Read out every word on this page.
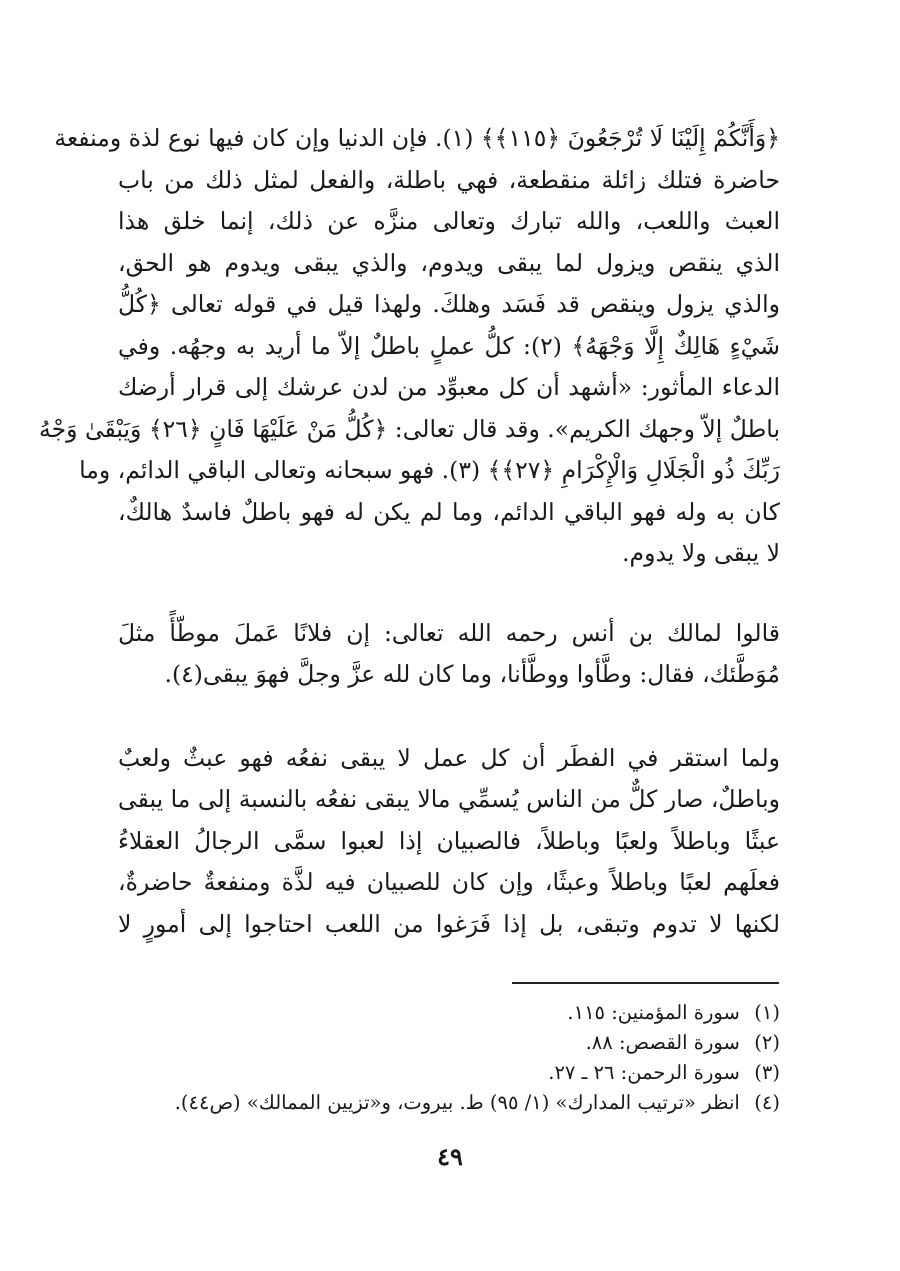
﴿وَأَنَّكُمْ إِلَيْنَا لَا تُرْجَعُونَ ﴿١١٥﴾﴾ (١). فإن الدنيا وإن كان فيها نوع لذة ومنفعة
حاضرة فتلك زائلة منقطعة، فهي باطلة، والفعل لمثل ذلك من باب
العبث واللعب، والله تبارك وتعالى منزَّه عن ذلك، إنما خلق هذا
الذي ينقص ويزول لما يبقى ويدوم، والذي يبقى ويدوم هو الحق،
والذي يزول وينقص قد فَسَد وهلكَ. ولهذا قيل في قوله تعالى ﴿كُلُّ
شَيْءٍ هَالِكٌ إِلَّا وَجْهَهُ﴾ (٢): كلُّ عملٍ باطلٌ إلاّ ما أريد به وجهُه. وفي
الدعاء المأثور: «أشهد أن كل معبوِّد من لدن عرشك إلى قرار أرضك
باطلٌ إلاّ وجهك الكريم». وقد قال تعالى: ﴿كُلُّ مَنْ عَلَيْهَا فَانٍ ﴿٢٦﴾ وَيَبْقَىٰ وَجْهُ
رَبِّكَ ذُو الْجَلَالِ وَالْإِكْرَامِ ﴿٢٧﴾﴾ (٣). فهو سبحانه وتعالى الباقي الدائم، وما
كان به وله فهو الباقي الدائم، وما لم يكن له فهو باطلٌ فاسدٌ هالكٌ،
لا يبقى ولا يدوم.

قالوا لمالك بن أنس رحمه الله تعالى: إن فلانًا عَملَ موطّأً مثلَ
مُوَطَّئك، فقال: وطَّأوا ووطَّأنا، وما كان لله عزَّ وجلَّ فهوَ يبقى(٤).

ولما استقر في الفطَر أن كل عمل لا يبقى نفعُه فهو عبثٌ ولعبٌ
وباطلٌ، صار كلٌّ من الناس يُسمِّي مالا يبقى نفعُه بالنسبة إلى ما يبقى
عبثًا وباطلاً ولعبًا وباطلاً، فالصبيان إذا لعبوا سمَّى الرجالُ العقلاءُ
فعلَهم لعبًا وباطلاً وعبثًا، وإن كان للصبيان فيه لذَّة ومنفعةٌ حاضرةٌ،
لكنها لا تدوم وتبقى، بل إذا فَرَغوا من اللعب احتاجوا إلى أمورٍ لا

(١) سورة المؤمنين: ١١٥.
(٢) سورة القصص: ٨٨.
(٣) سورة الرحمن: ٢٦ ـ ٢٧.
(٤) انظر «ترتيب المدارك» (١/ ٩٥) ط. بيروت، و«تزيين الممالك» (ص٤٤).
٤٩
